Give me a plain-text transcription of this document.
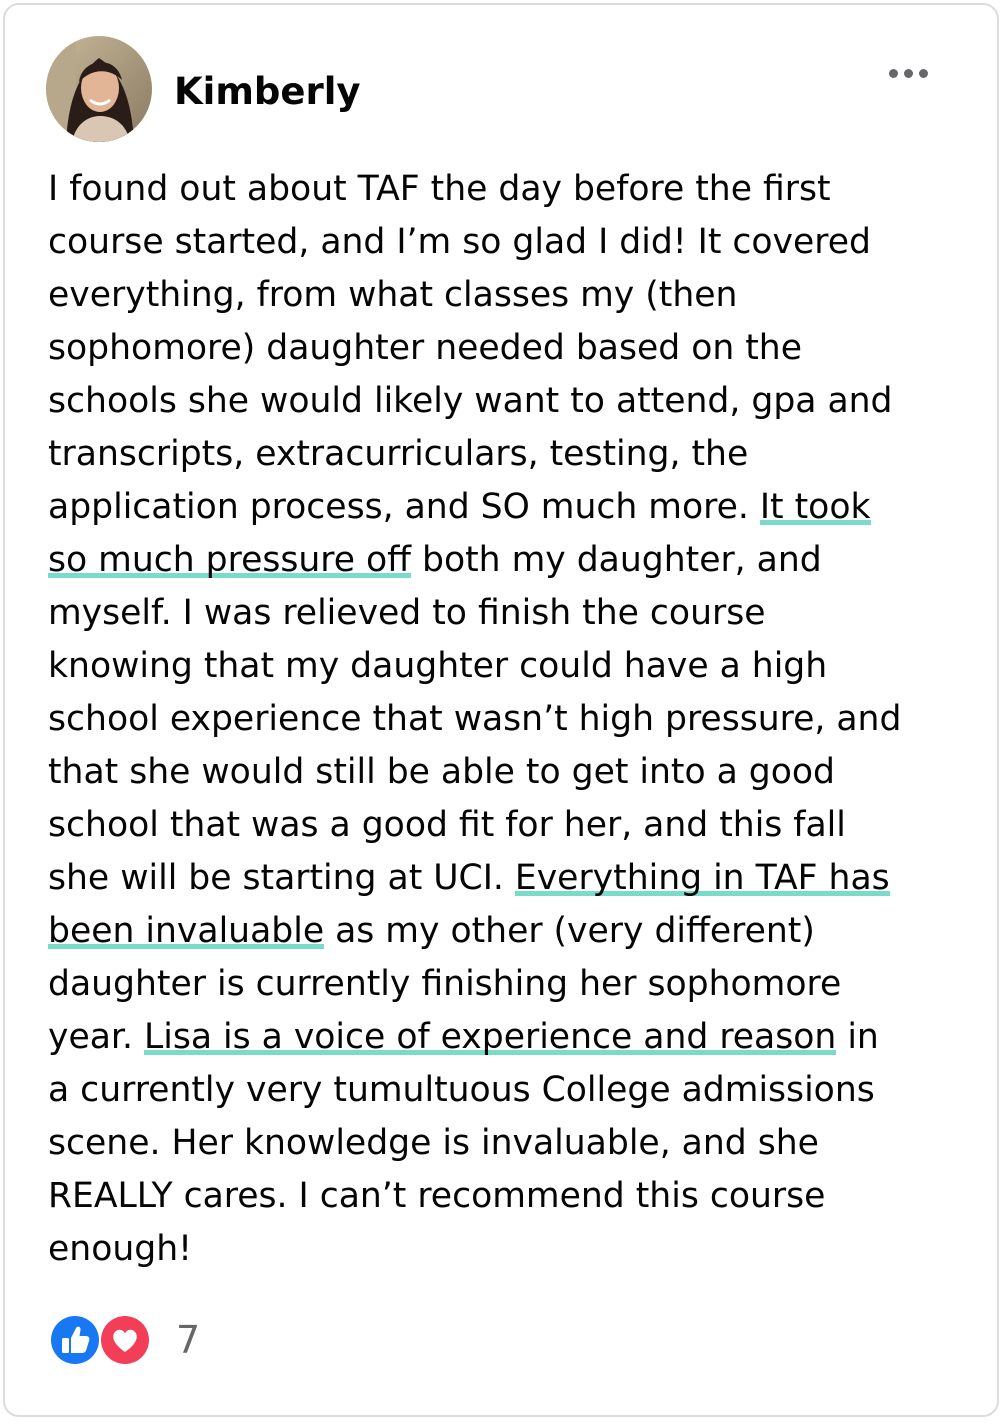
Kimberly
I found out about TAF the day before the first
course started, and I’m so glad I did! It covered
everything, from what classes my (then
sophomore) daughter needed based on the
schools she would likely want to attend, gpa and
transcripts, extracurriculars, testing, the
application process, and SO much more. It took
so much pressure off both my daughter, and
myself. I was relieved to finish the course
knowing that my daughter could have a high
school experience that wasn’t high pressure, and
that she would still be able to get into a good
school that was a good fit for her, and this fall
she will be starting at UCI. Everything in TAF has
been invaluable as my other (very different)
daughter is currently finishing her sophomore
year. Lisa is a voice of experience and reason in
a currently very tumultuous College admissions
scene. Her knowledge is invaluable, and she
REALLY cares. I can’t recommend this course
enough!
7
